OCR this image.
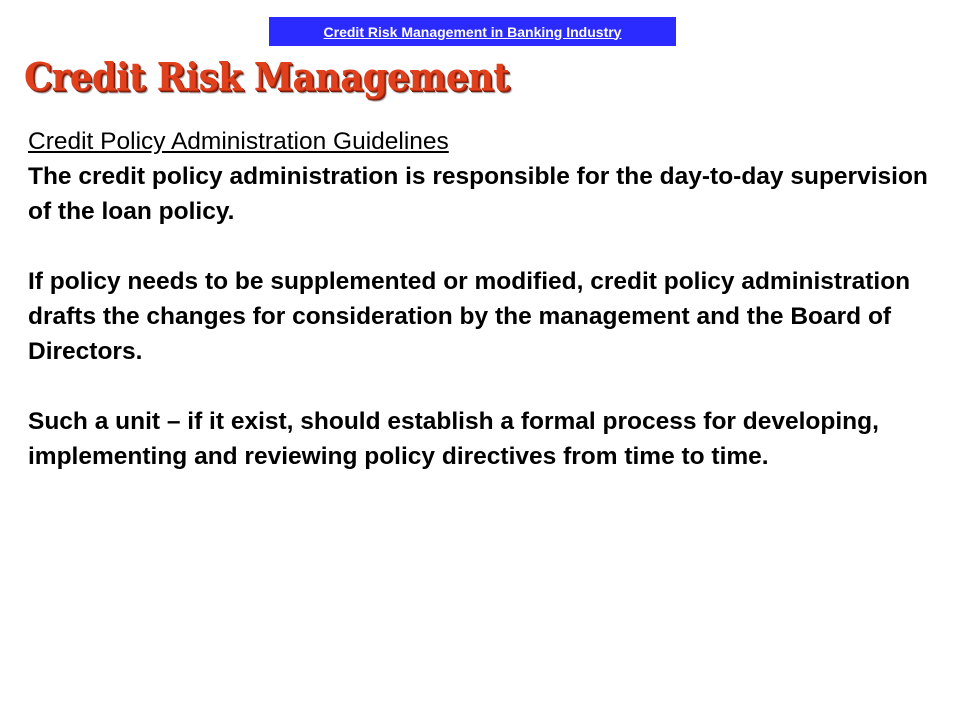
Credit Risk Management in Banking Industry
Credit Risk Management
Credit Policy Administration Guidelines

The credit policy administration is responsible for the day-to-day supervision of the loan policy.

If policy needs to be supplemented or modified, credit policy administration drafts the changes for consideration by the management and the Board of Directors.

Such a unit – if it exist, should establish a formal process for developing, implementing and reviewing policy directives from time to time.
